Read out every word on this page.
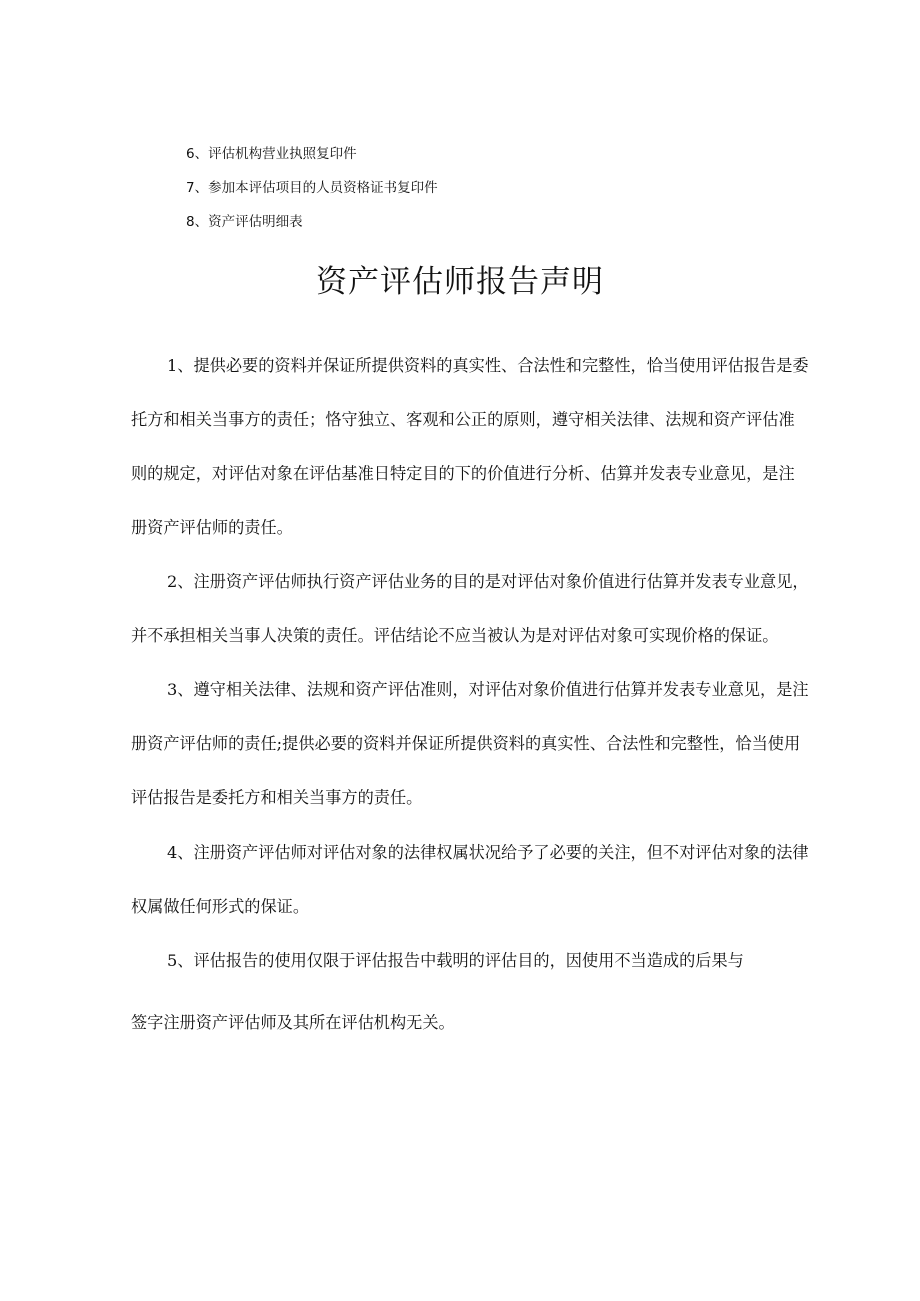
6、评估机构营业执照复印件
7、参加本评估项目的人员资格证书复印件
8、资产评估明细表
资产评估师报告声明
1、提供必要的资料并保证所提供资料的真实性、合法性和完整性，恰当使用评估报告是委
托方和相关当事方的责任；恪守独立、客观和公正的原则，遵守相关法律、法规和资产评估准
则的规定，对评估对象在评估基准日特定目的下的价值进行分析、估算并发表专业意见，是注
册资产评估师的责任。
2、注册资产评估师执行资产评估业务的目的是对评估对象价值进行估算并发表专业意见，
并不承担相关当事人决策的责任。评估结论不应当被认为是对评估对象可实现价格的保证。
3、遵守相关法律、法规和资产评估准则，对评估对象价值进行估算并发表专业意见，是注
册资产评估师的责任;提供必要的资料并保证所提供资料的真实性、合法性和完整性，恰当使用
评估报告是委托方和相关当事方的责任。
4、注册资产评估师对评估对象的法律权属状况给予了必要的关注，但不对评估对象的法律
权属做任何形式的保证。
5、评估报告的使用仅限于评估报告中载明的评估目的，因使用不当造成的后果与
签字注册资产评估师及其所在评估机构无关。
